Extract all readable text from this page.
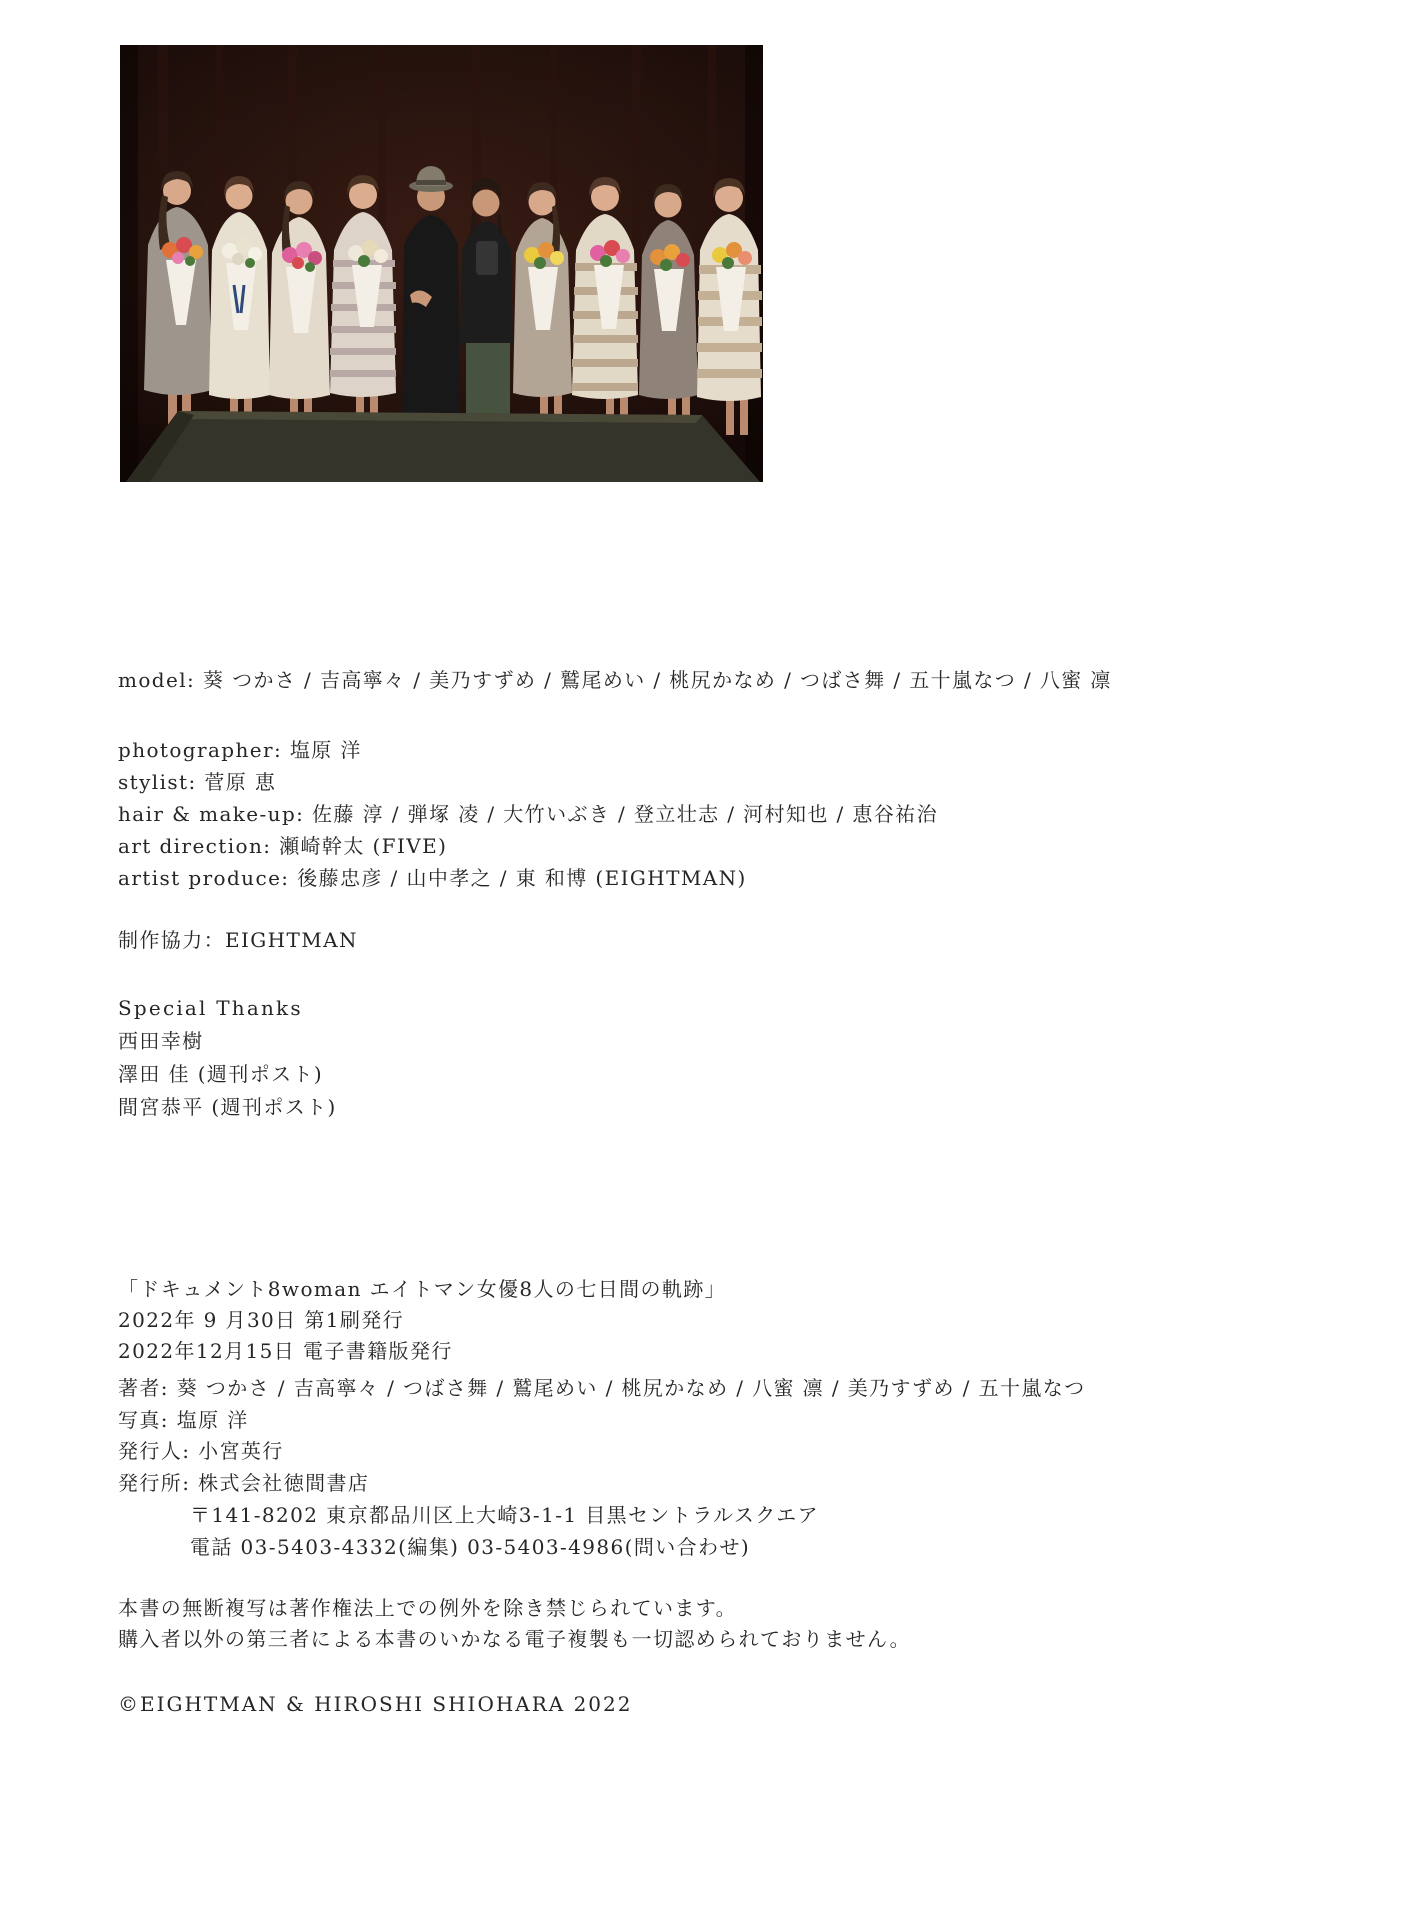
model: 葵 つかさ / 吉高寧々 / 美乃すずめ / 鷲尾めい / 桃尻かなめ / つばさ舞 / 五十嵐なつ / 八蜜 凛
photographer: 塩原 洋
stylist: 菅原 恵
hair & make-up: 佐藤 淳 / 弾塚 凌 / 大竹いぶき / 登立壮志 / 河村知也 / 恵谷祐治
art direction: 瀬崎幹太 (FIVE)
artist produce: 後藤忠彦 / 山中孝之 / 東 和博 (EIGHTMAN)
制作協力：EIGHTMAN
Special Thanks
西田幸樹
澤田 佳 (週刊ポスト)
間宮恭平 (週刊ポスト)
「ドキュメント8woman エイトマン女優8人の七日間の軌跡」
2022年 9 月30日 第1刷発行
2022年12月15日 電子書籍版発行
著者: 葵 つかさ / 吉高寧々 / つばさ舞 / 鷲尾めい / 桃尻かなめ / 八蜜 凛 / 美乃すずめ / 五十嵐なつ
写真: 塩原 洋
発行人: 小宮英行
発行所: 株式会社徳間書店
〒141-8202 東京都品川区上大崎3-1-1 目黒セントラルスクエア
電話 03-5403-4332(編集) 03-5403-4986(問い合わせ)
本書の無断複写は著作権法上での例外を除き禁じられています。
購入者以外の第三者による本書のいかなる電子複製も一切認められておりません。
©EIGHTMAN & HIROSHI SHIOHARA 2022
